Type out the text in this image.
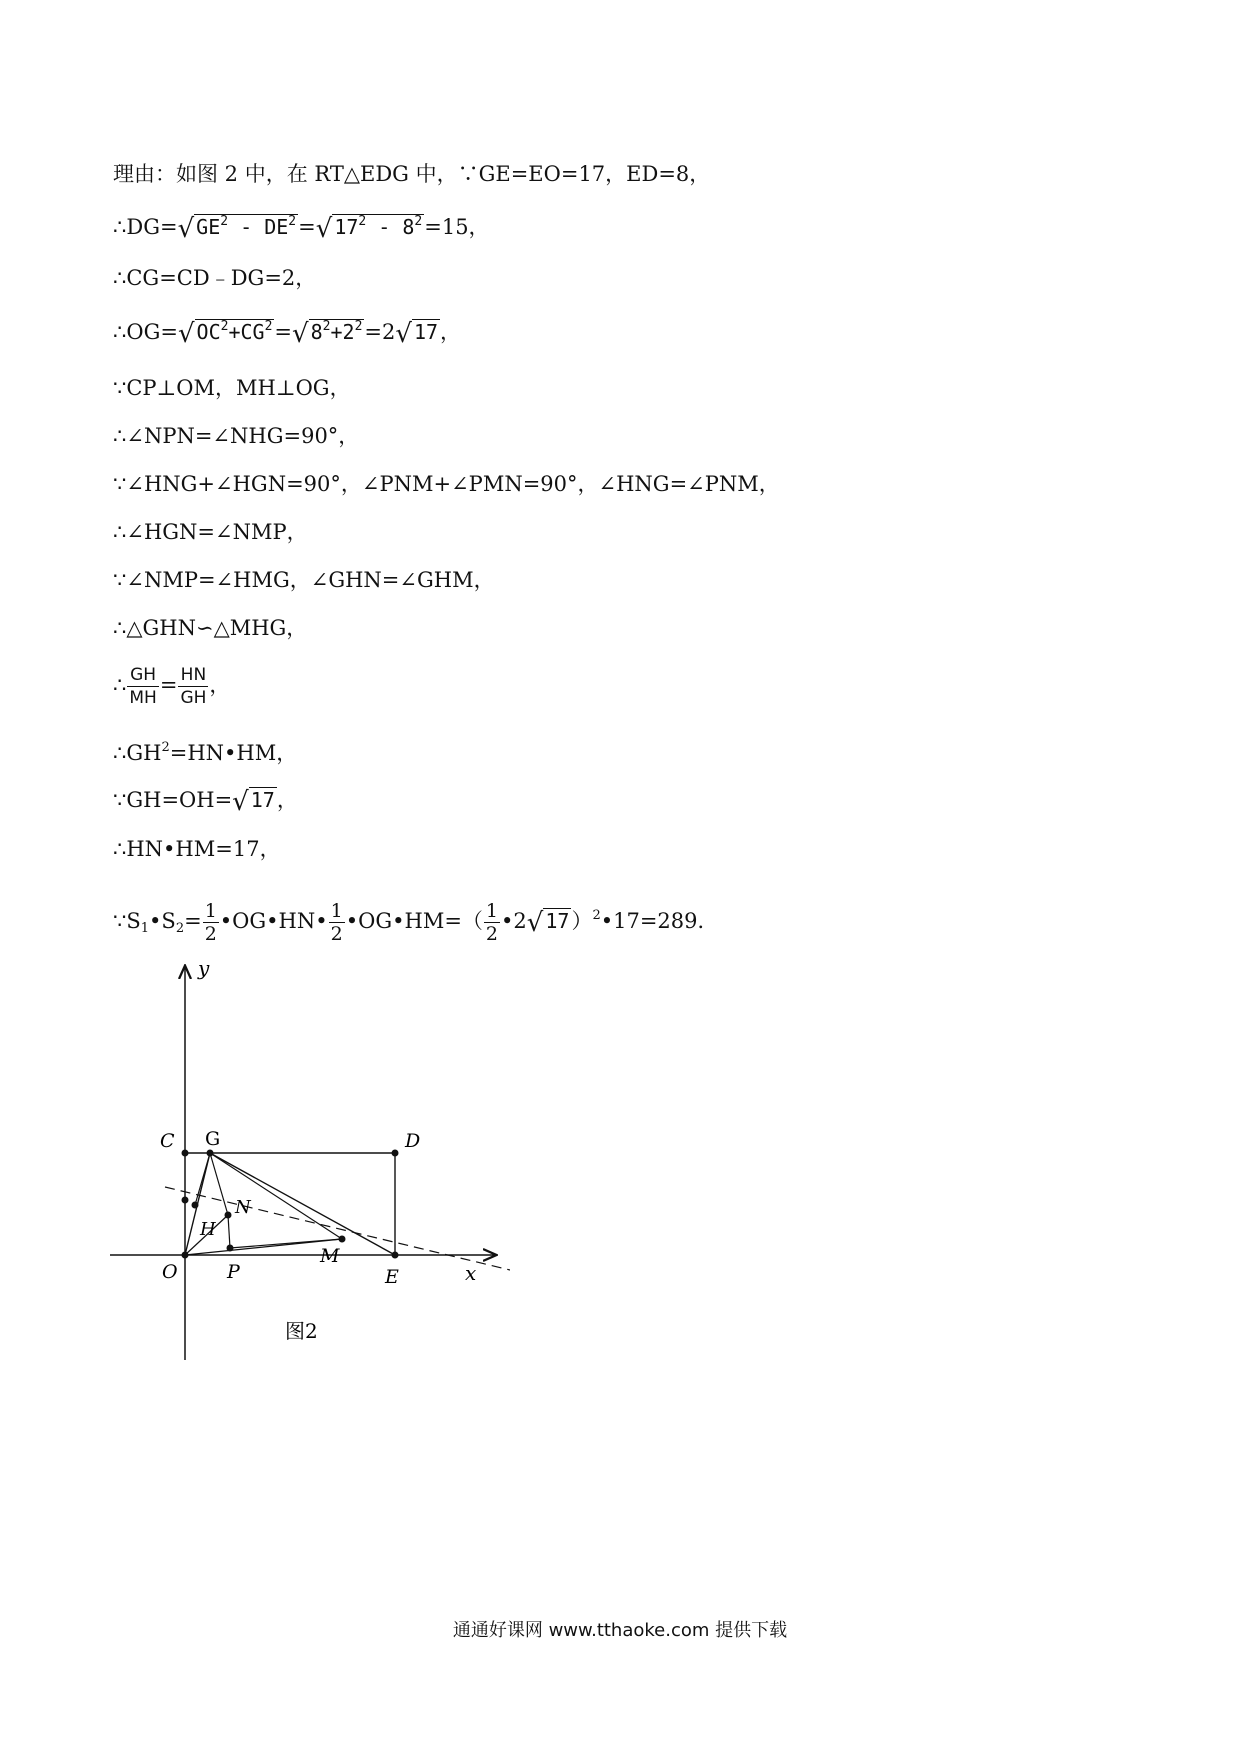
理由：如图 2 中，在 RT△EDG 中，∵GE=EO=17，ED=8，
∴DG=√ $GE^2 - DE^2=√$ $17^2 - 8^2=15$，
∴CG=CD﹣DG=2，
∴OG=√ $OC^2+CG^2=√$ $8^2+2^2=2√$ 17，
∵CP⊥OM，MH⊥OG，
∴∠NPN=∠NHG=90°，
∵∠HNG+∠HGN=90°，∠PNM+∠PMN=90°，∠HNG=∠PNM，
∴∠HGN=∠NMP，
∵∠NMP=∠HMG，∠GHN=∠GHM，
∴△GHN∽△MHG，
∴ $\frac{GH}{MH} = \frac{HN}{GH}$ ，
$\therefore GH^2=HN•HM$，
∵GH=OH=√ 17，
∴HN•HM=17，
$\because S_1•S_2= \frac{1}{2}$ •OG•HN• $\frac{1}{2}$ •OG•HM=（ $\frac{1}{2}$ •2√ 17）$^2$•17=289．
y
x
C G	D
N
H
O	P
M
E
图2
通通好课网 www.tthaoke.com 提供下载
